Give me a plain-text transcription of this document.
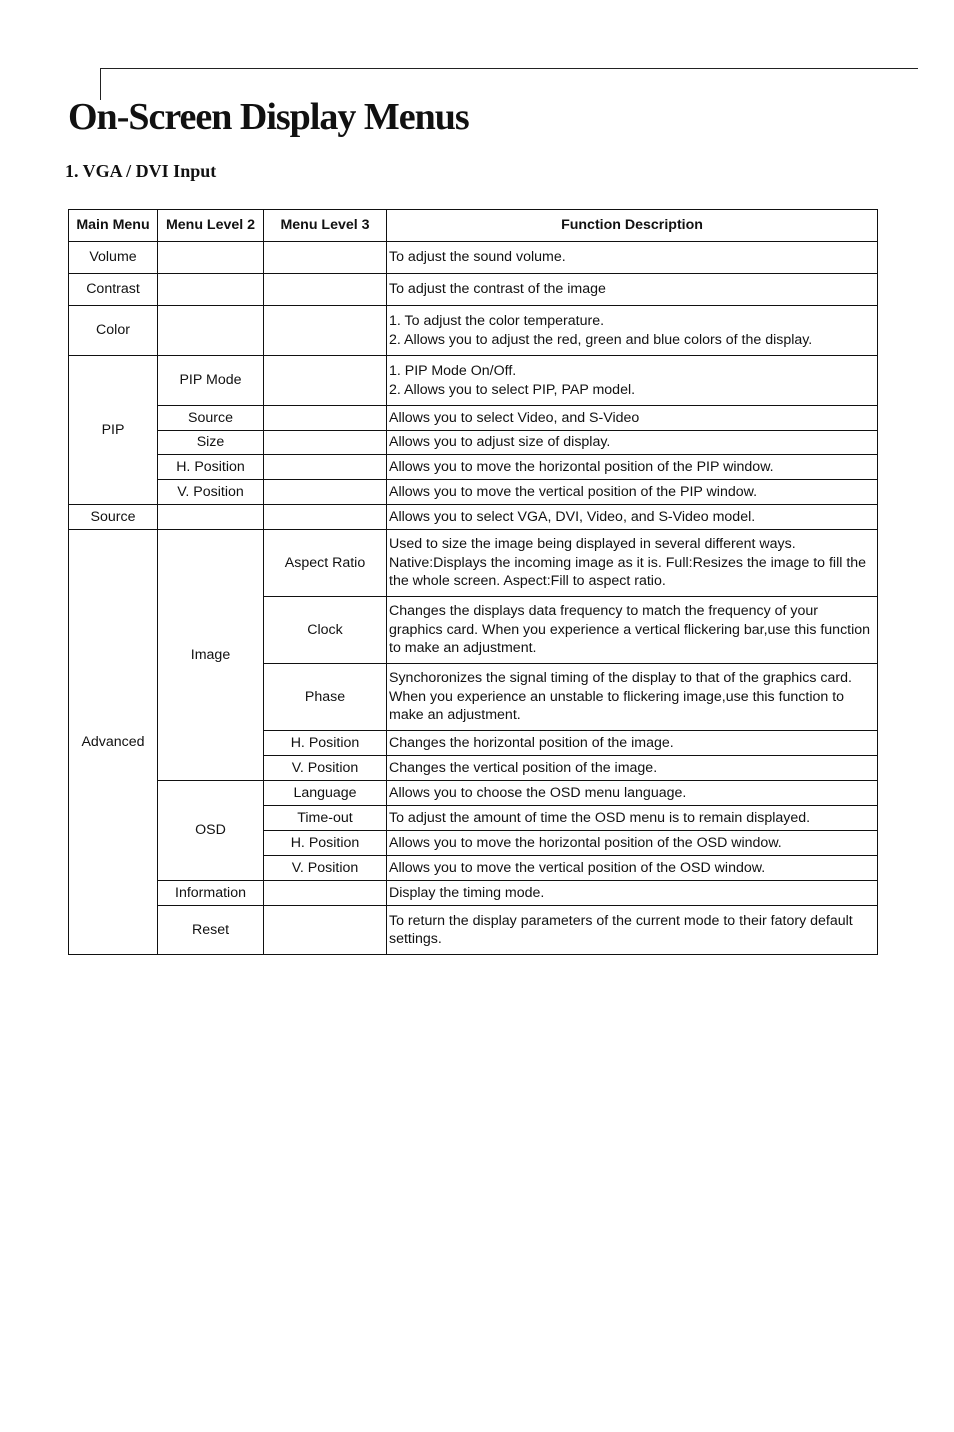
On-Screen Display Menus
1. VGA / DVI Input
Main Menu	Menu Level 2	Menu Level 3	Function Description
Volume			To adjust the sound volume.
Contrast			To adjust the contrast of the image
Color			1. To adjust the color temperature.
2. Allows you to adjust the red, green and blue colors of the display.
PIP	PIP Mode		1. PIP Mode On/Off.
2. Allows you to select PIP, PAP model.
	Source		Allows you to select Video, and S-Video
	Size		Allows you to adjust size of display.
	H. Position		Allows you to move the horizontal position of the PIP window.
	V. Position		Allows you to move the vertical position of the PIP window.
Source			Allows you to select VGA, DVI, Video, and S-Video model.
Advanced	Image	Aspect Ratio	Used to size the image being displayed in several different ways.
Native:Displays the incoming image as it is. Full:Resizes the image to fill the the whole screen. Aspect:Fill to aspect ratio.
		Clock	Changes the displays data frequency to match the frequency of your graphics card. When you experience a vertical flickering bar,use this function to make an adjustment.
		Phase	Synchoronizes the signal timing of the display to that of the graphics card. When you experience an unstable to flickering image,use this function to make an adjustment.
		H. Position	Changes the horizontal position of the image.
		V. Position	Changes the vertical position of the image.
	OSD	Language	Allows you to choose the OSD menu language.
		Time-out	To adjust the amount of time the OSD menu is to remain displayed.
		H. Position	Allows you to move the horizontal position of the OSD window.
		V. Position	Allows you to move the vertical position of the OSD window.
	Information		Display the timing mode.
	Reset		To return the display parameters of the current mode to their fatory default settings.
